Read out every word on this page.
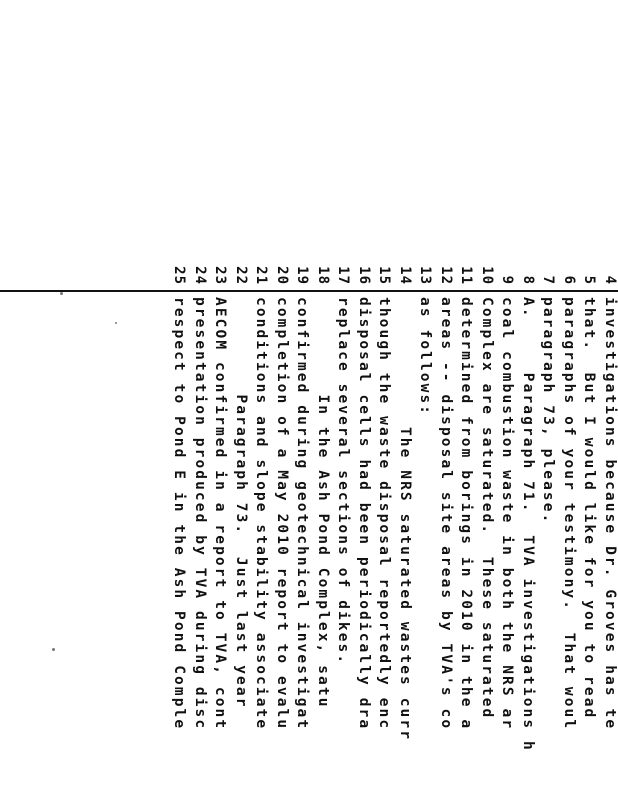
4
investigations because Dr. Groves has te
5
that.  But I would like for you to read
6
paragraphs of your testimony.  That woul
7
paragraph 73, please.
8
A.     Paragraph 71.  TVA investigations h
9
coal combustion waste in both the NRS ar
10
Complex are saturated.  These saturated
11
determined from borings in 2010 in the a
12
areas -- disposal site areas by TVA's co
13
as follows:
14
The NRS saturated wastes curr
15
though the waste disposal reportedly enc
16
disposal cells had been periodically dra
17
replace several sections of dikes.
18
In the Ash Pond Complex, satu
19
confirmed during geotechnical investigat
20
completion of a May 2010 report to evalu
21
conditions and slope stability associate
22
Paragraph 73.  Just last year
23
AECOM confirmed in a report to TVA, cont
24
presentation produced by TVA during disc
25
respect to Pond E in the Ash Pond Comple
